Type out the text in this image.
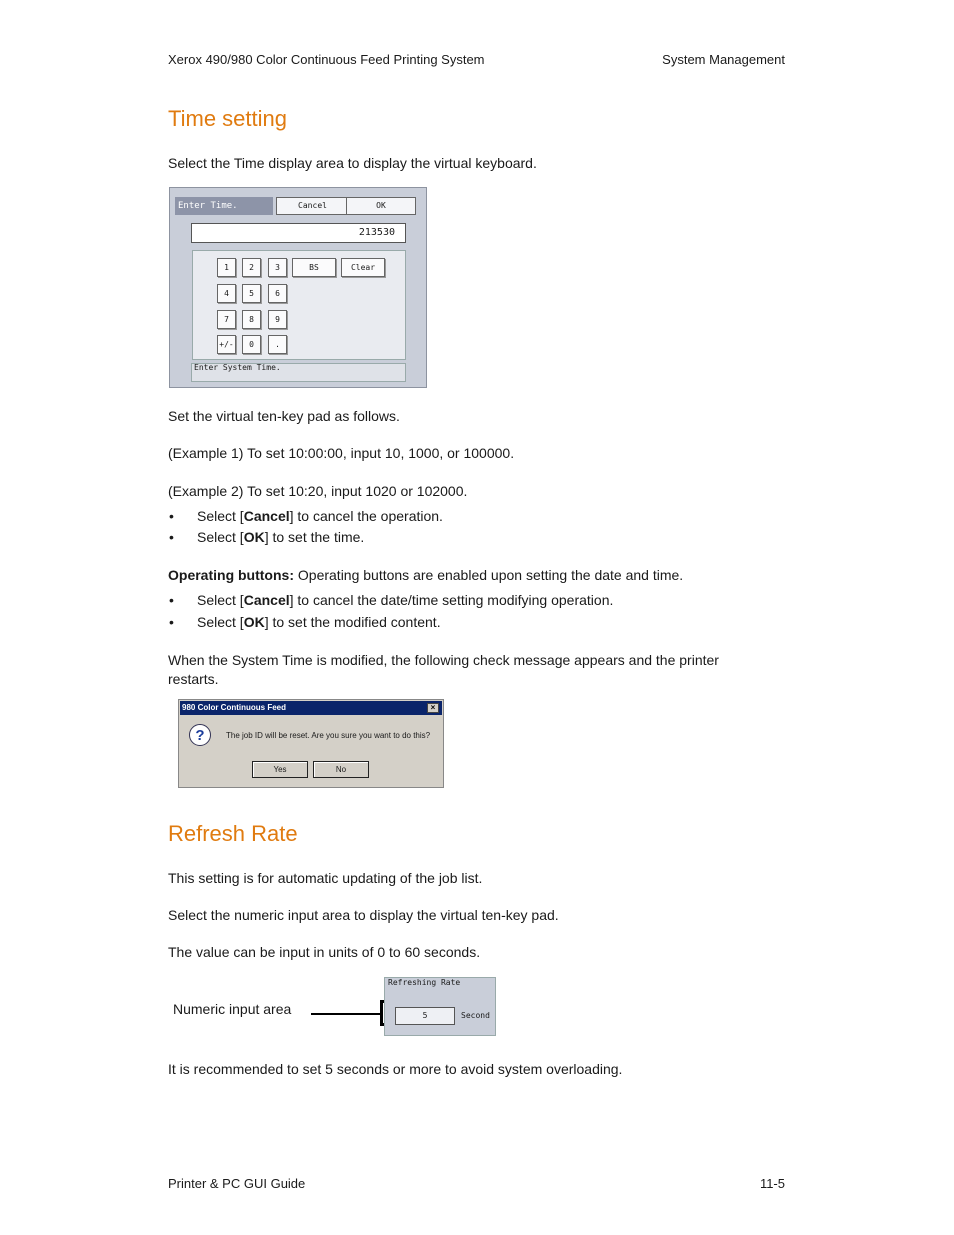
Xerox 490/980 Color Continuous Feed Printing System	System Management
Time setting
Select the Time display area to display the virtual keyboard.
Enter Time.	Cancel	OK
213530
1	2	3	BS	Clear
4	5	6
7	8	9
+/-	0	.
Enter System Time.
Set the virtual ten-key pad as follows.
(Example 1) To set 10:00:00, input 10, 1000, or 100000.
(Example 2) To set 10:20, input 1020 or 102000.
• Select [Cancel] to cancel the operation.
• Select [OK] to set the time.
Operating buttons: Operating buttons are enabled upon setting the date and time.
• Select [Cancel] to cancel the date/time setting modifying operation.
• Select [OK] to set the modified content.
When the System Time is modified, the following check message appears and the printer restarts.
980 Color Continuous Feed	×
?	The job ID will be reset. Are you sure you want to do this?
Yes	No
Refresh Rate
This setting is for automatic updating of the job list.
Select the numeric input area to display the virtual ten-key pad.
The value can be input in units of 0 to 60 seconds.
Numeric input area
Refreshing Rate
5	Second
It is recommended to set 5 seconds or more to avoid system overloading.
Printer & PC GUI Guide	11-5
